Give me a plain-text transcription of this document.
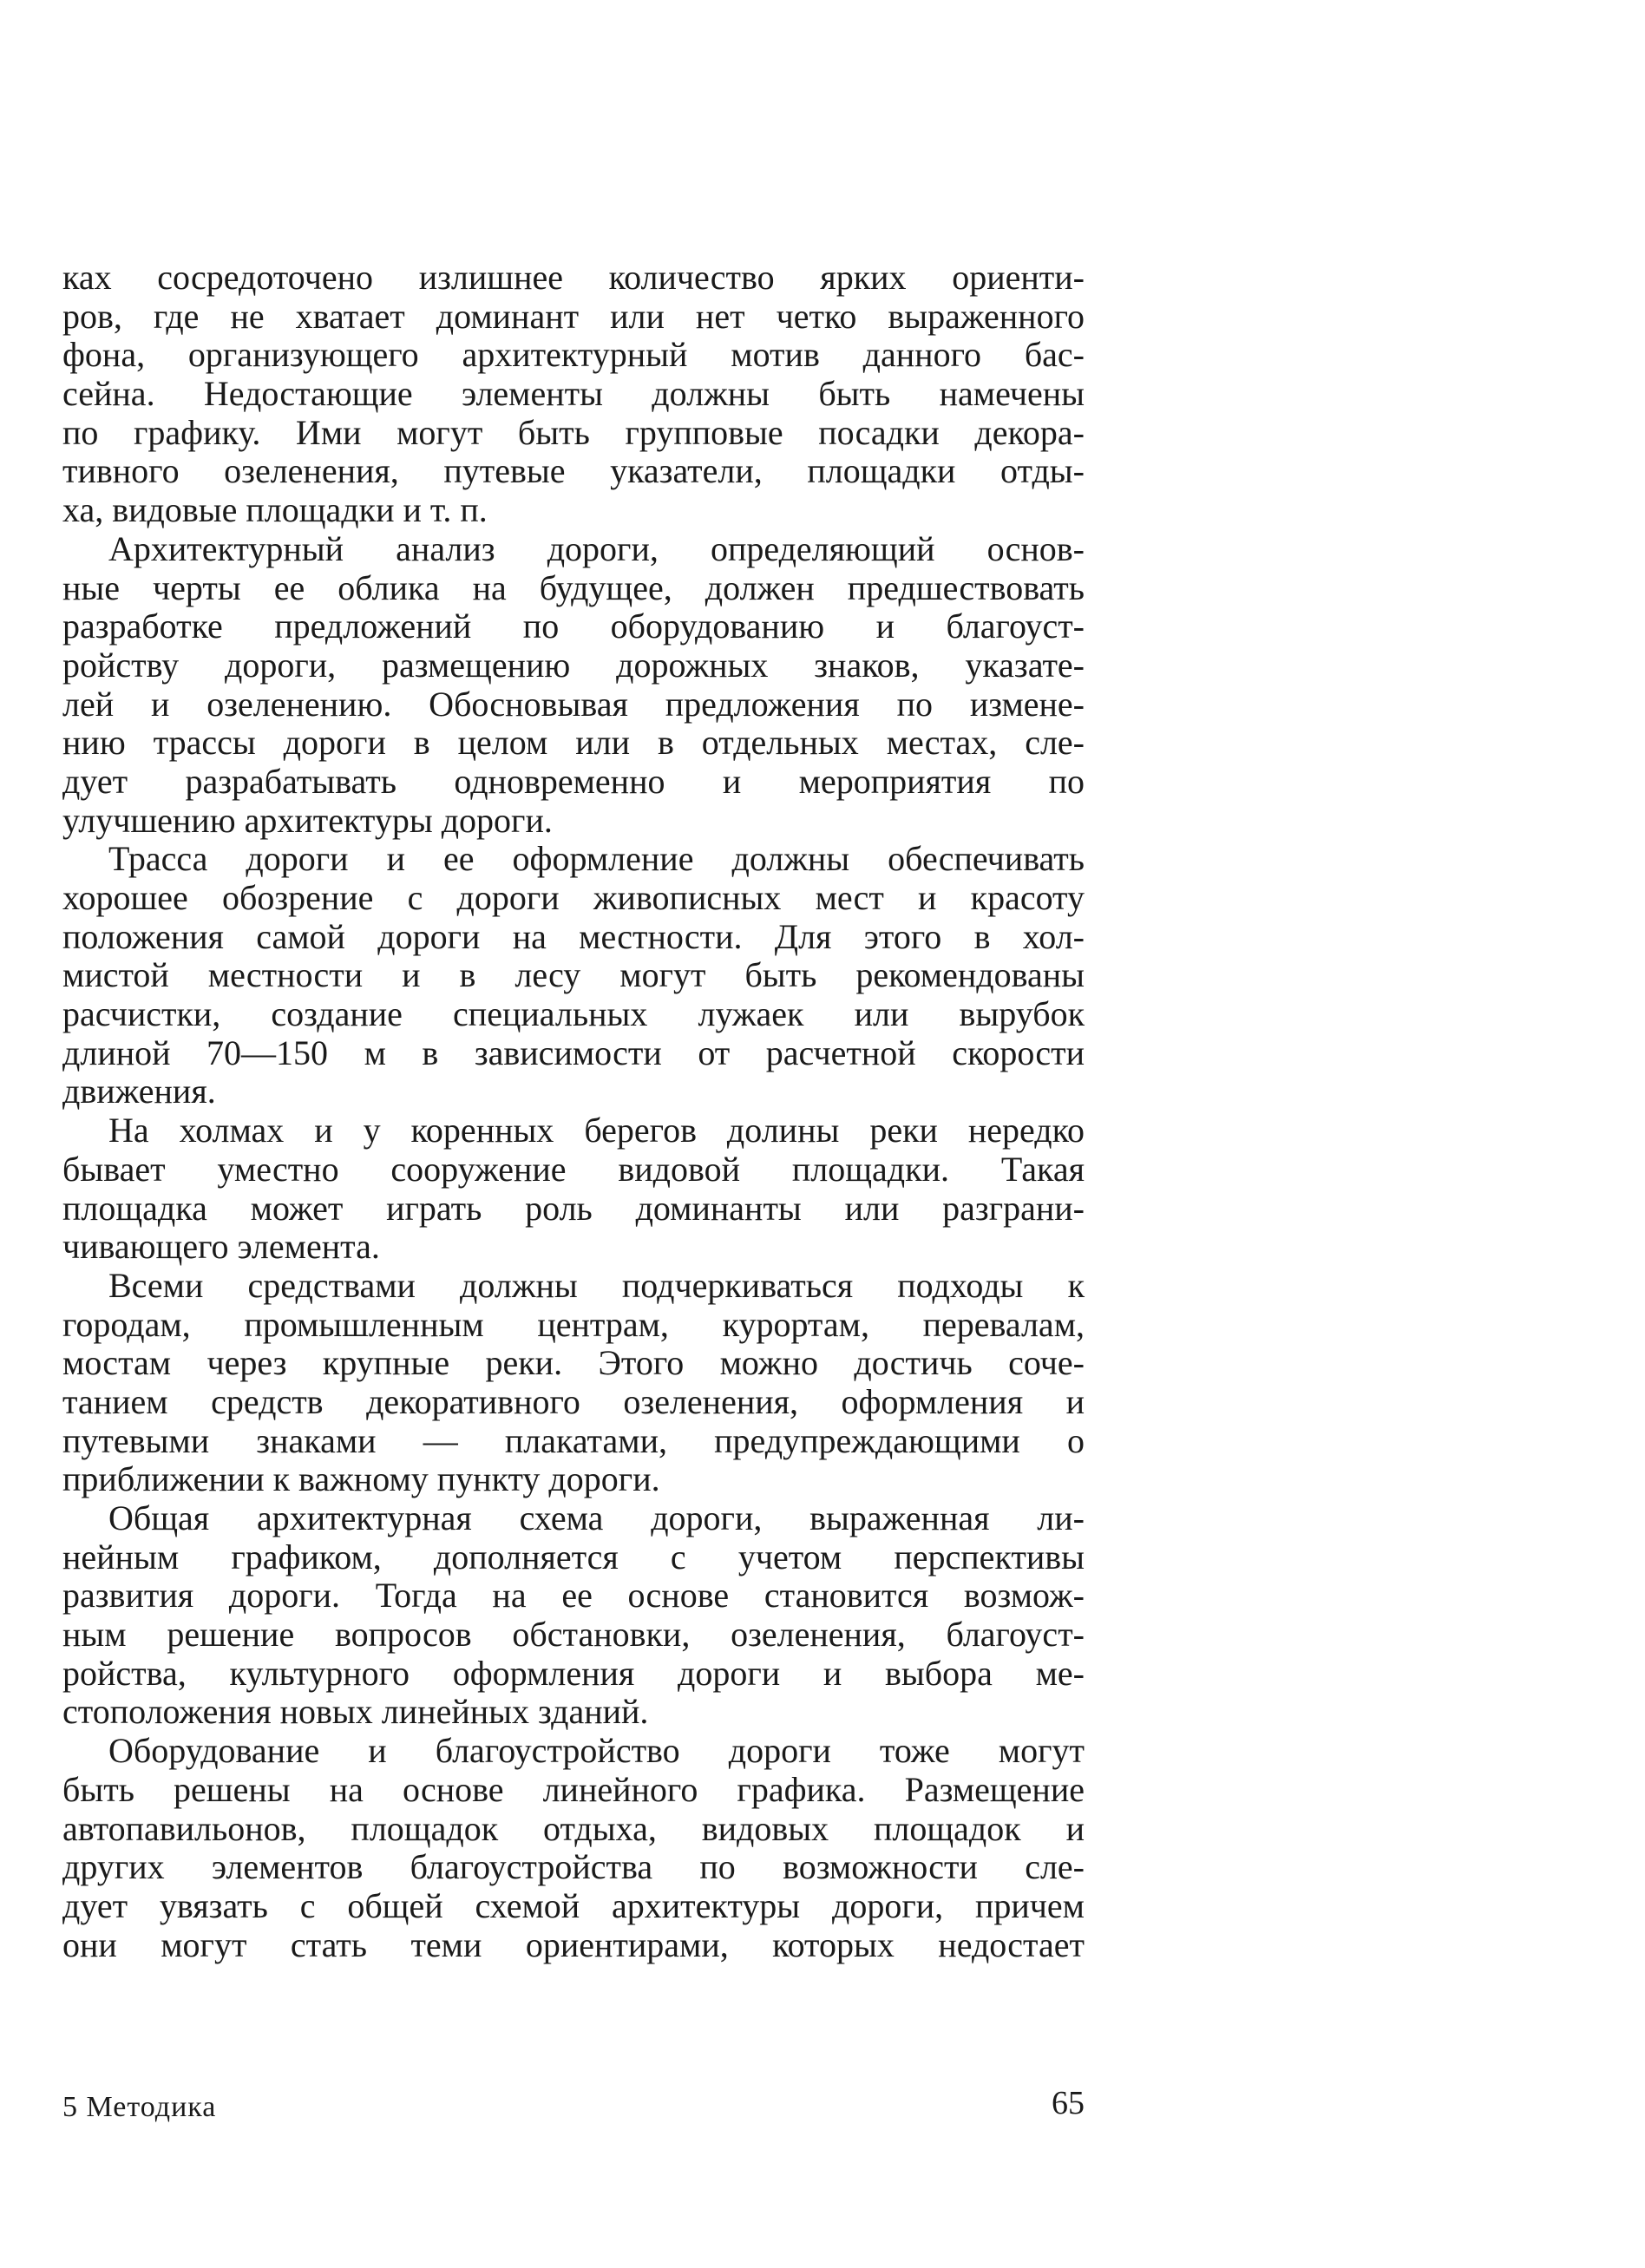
ках сосредоточено излишнее количество ярких ориенти-
ров, где не хватает доминант или нет четко выраженного
фона, организующего архитектурный мотив данного бас-
сейна. Недостающие элементы должны быть намечены
по графику. Ими могут быть групповые посадки декора-
тивного озеленения, путевые указатели, площадки отды-
ха, видовые площадки и т. п.
Архитектурный анализ дороги, определяющий основ-
ные черты ее облика на будущее, должен предшествовать
разработке предложений по оборудованию и благоуст-
ройству дороги, размещению дорожных знаков, указате-
лей и озеленению. Обосновывая предложения по измене-
нию трассы дороги в целом или в отдельных местах, сле-
дует разрабатывать одновременно и мероприятия по
улучшению архитектуры дороги.
Трасса дороги и ее оформление должны обеспечивать
хорошее обозрение с дороги живописных мест и красоту
положения самой дороги на местности. Для этого в хол-
мистой местности и в лесу могут быть рекомендованы
расчистки, создание специальных лужаек или вырубок
длиной 70—150 м в зависимости от расчетной скорости
движения.
На холмах и у коренных берегов долины реки нередко
бывает уместно сооружение видовой площадки. Такая
площадка может играть роль доминанты или разграни-
чивающего элемента.
Всеми средствами должны подчеркиваться подходы к
городам, промышленным центрам, курортам, перевалам,
мостам через крупные реки. Этого можно достичь соче-
танием средств декоративного озеленения, оформления и
путевыми знаками — плакатами, предупреждающими о
приближении к важному пункту дороги.
Общая архитектурная схема дороги, выраженная ли-
нейным графиком, дополняется с учетом перспективы
развития дороги. Тогда на ее основе становится возмож-
ным решение вопросов обстановки, озеленения, благоуст-
ройства, культурного оформления дороги и выбора ме-
стоположения новых линейных зданий.
Оборудование и благоустройство дороги тоже могут
быть решены на основе линейного графика. Размещение
автопавильонов, площадок отдыха, видовых площадок и
других элементов благоустройства по возможности сле-
дует увязать с общей схемой архитектуры дороги, причем
они могут стать теми ориентирами, которых недостает
5 Методика	65
